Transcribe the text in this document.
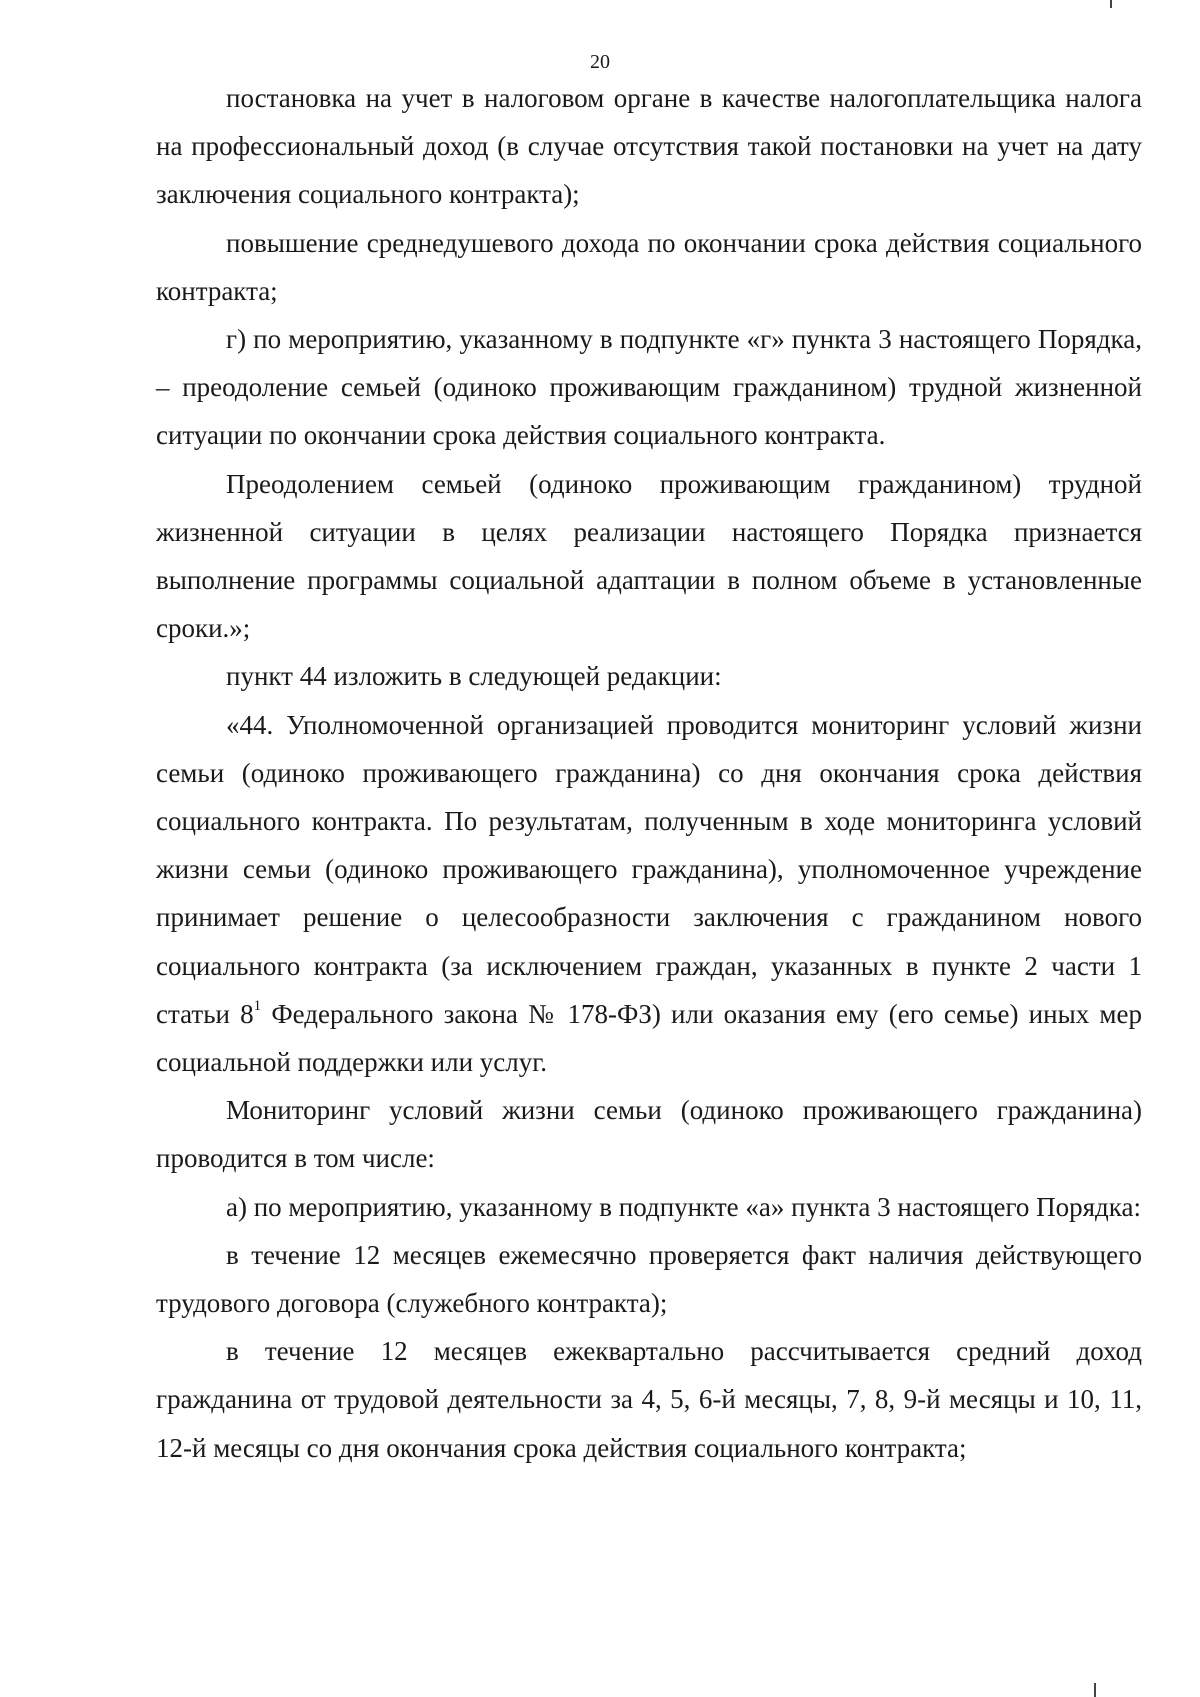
20

постановка на учет в налоговом органе в качестве налогоплательщика налога на профессиональный доход (в случае отсутствия такой постановки на учет на дату заключения социального контракта);

повышение среднедушевого дохода по окончании срока действия социального контракта;

г) по мероприятию, указанному в подпункте «г» пункта 3 настоящего Порядка, – преодоление семьей (одиноко проживающим гражданином) трудной жизненной ситуации по окончании срока действия социального контракта.

Преодолением семьей (одиноко проживающим гражданином) трудной жизненной ситуации в целях реализации настоящего Порядка признается выполнение программы социальной адаптации в полном объеме в установленные сроки.»;

пункт 44 изложить в следующей редакции:

«44. Уполномоченной организацией проводится мониторинг условий жизни семьи (одиноко проживающего гражданина) со дня окончания срока действия социального контракта. По результатам, полученным в ходе мониторинга условий жизни семьи (одиноко проживающего гражданина), уполномоченное учреждение принимает решение о целесообразности заключения с гражданином нового социального контракта (за исключением граждан, указанных в пункте 2 части 1 статьи $8^1$ Федерального закона № 178-ФЗ) или оказания ему (его семье) иных мер социальной поддержки или услуг.

Мониторинг условий жизни семьи (одиноко проживающего гражданина) проводится в том числе:

а) по мероприятию, указанному в подпункте «а» пункта 3 настоящего Порядка:

в течение 12 месяцев ежемесячно проверяется факт наличия действующего трудового договора (служебного контракта);

в течение 12 месяцев ежеквартально рассчитывается средний доход гражданина от трудовой деятельности за 4, 5, 6-й месяцы, 7, 8, 9-й месяцы и 10, 11, 12-й месяцы со дня окончания срока действия социального контракта;
